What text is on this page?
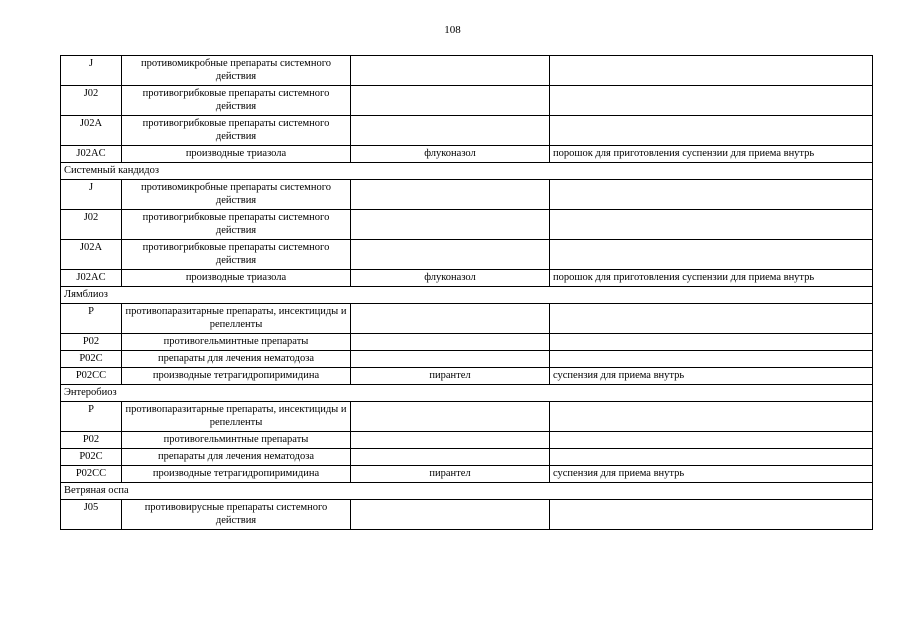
108
J	противомикробные препараты системного действия		
J02	противогрибковые препараты системного действия		
J02A	противогрибковые препараты системного действия		
J02AC	производные триазола	флуконазол	порошок для приготовления суспензии для приема внутрь
Системный кандидоз			
J	противомикробные препараты системного действия		
J02	противогрибковые препараты системного действия		
J02A	противогрибковые препараты системного действия		
J02AC	производные триазола	флуконазол	порошок для приготовления суспензии для приема внутрь
Лямблиоз			
P	противопаразитарные препараты, инсектициды и репелленты		
P02	противогельминтные препараты		
P02C	препараты для лечения нематодоза		
P02CC	производные тетрагидропиримидина	пирантел	суспензия для приема внутрь
Энтеробиоз			
P	противопаразитарные препараты, инсектициды и репелленты		
P02	противогельминтные препараты		
P02C	препараты для лечения нематодоза		
P02CC	производные тетрагидропиримидина	пирантел	суспензия для приема внутрь
Ветряная оспа			
J05	противовирусные препараты системного действия		
